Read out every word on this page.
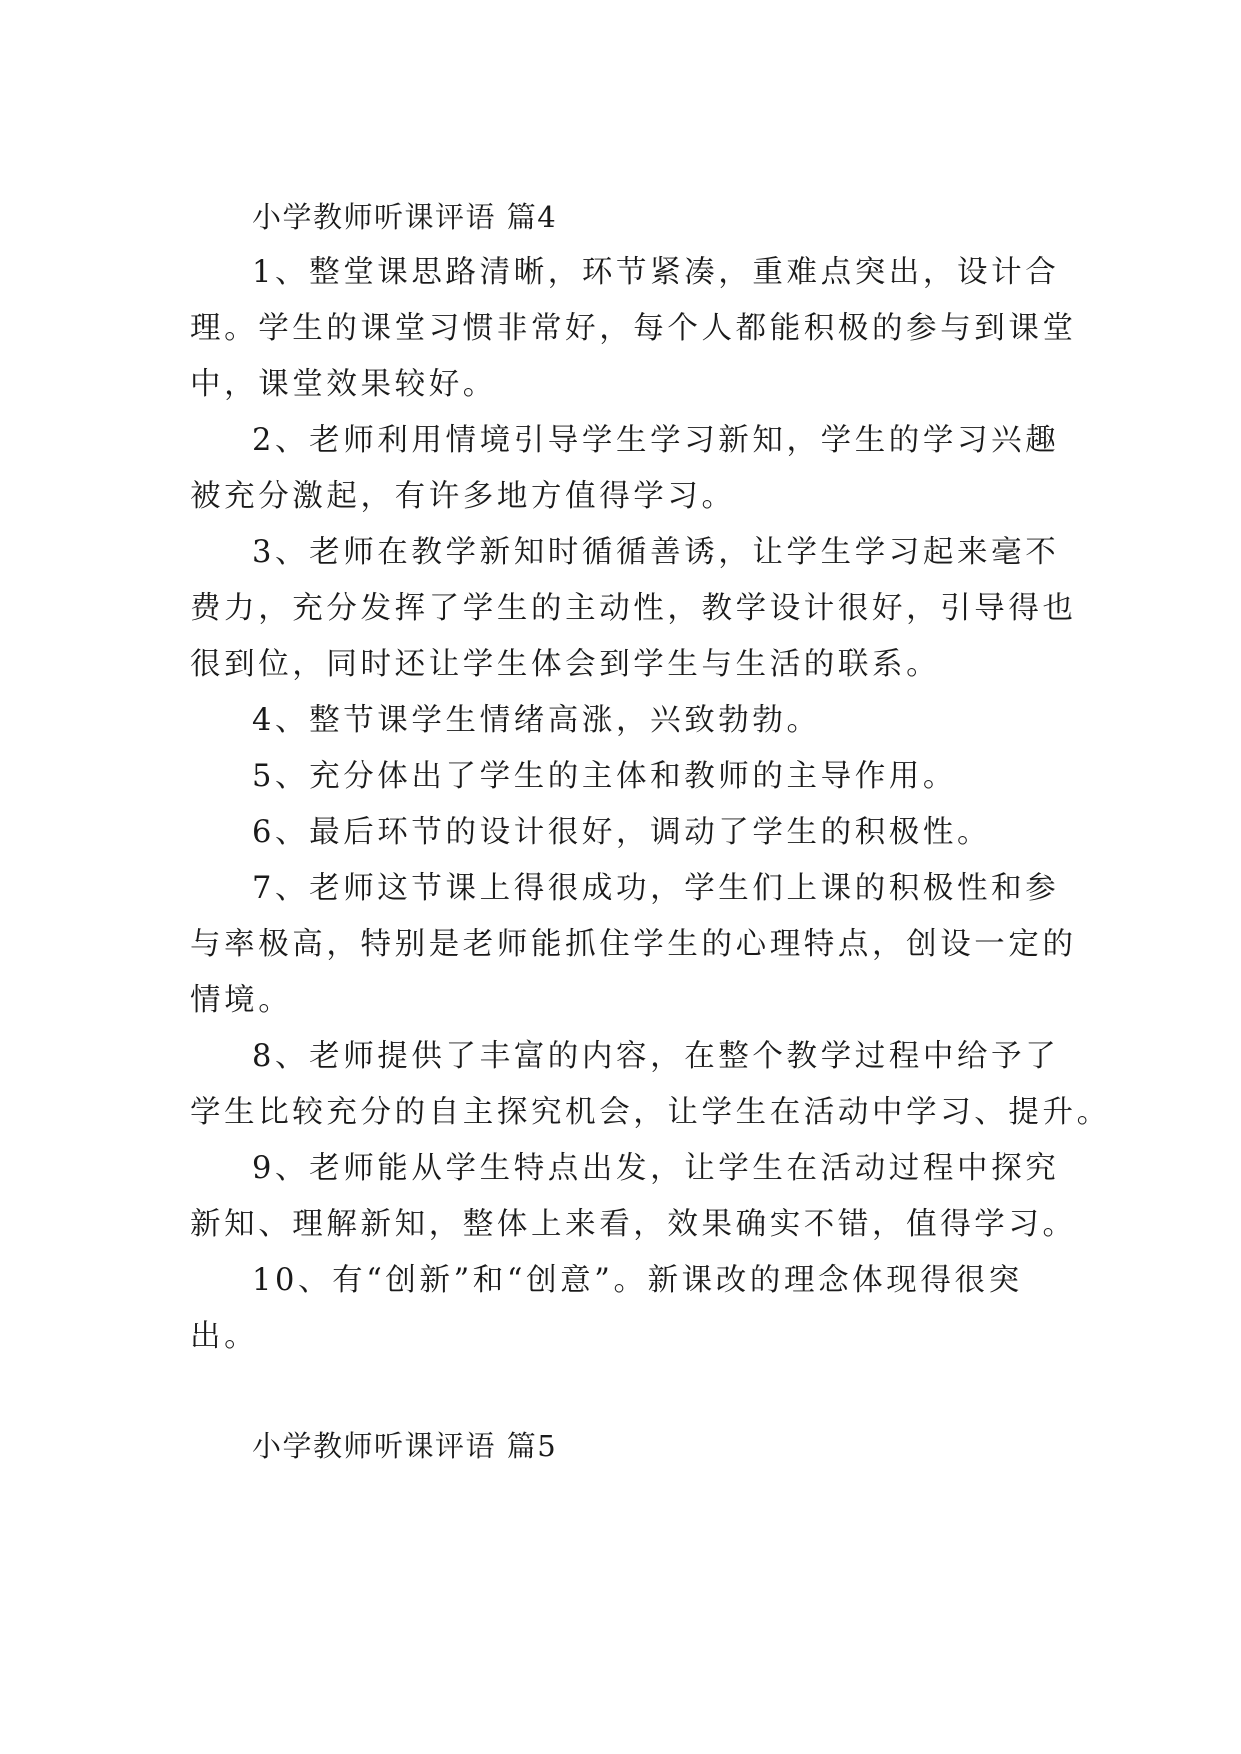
小学教师听课评语 篇4
1、整堂课思路清晰，环节紧凑，重难点突出，设计合
理。学生的课堂习惯非常好，每个人都能积极的参与到课堂
中，课堂效果较好。
2、老师利用情境引导学生学习新知，学生的学习兴趣
被充分激起，有许多地方值得学习。
3、老师在教学新知时循循善诱，让学生学习起来毫不
费力，充分发挥了学生的主动性，教学设计很好，引导得也
很到位，同时还让学生体会到学生与生活的联系。
4、整节课学生情绪高涨，兴致勃勃。
5、充分体出了学生的主体和教师的主导作用。
6、最后环节的设计很好，调动了学生的积极性。
7、老师这节课上得很成功，学生们上课的积极性和参
与率极高，特别是老师能抓住学生的心理特点，创设一定的
情境。
8、老师提供了丰富的内容，在整个教学过程中给予了
学生比较充分的自主探究机会，让学生在活动中学习、提升。
9、老师能从学生特点出发，让学生在活动过程中探究
新知、理解新知，整体上来看，效果确实不错，值得学习。
10、有“创新”和“创意”。新课改的理念体现得很突
出。
小学教师听课评语 篇5
